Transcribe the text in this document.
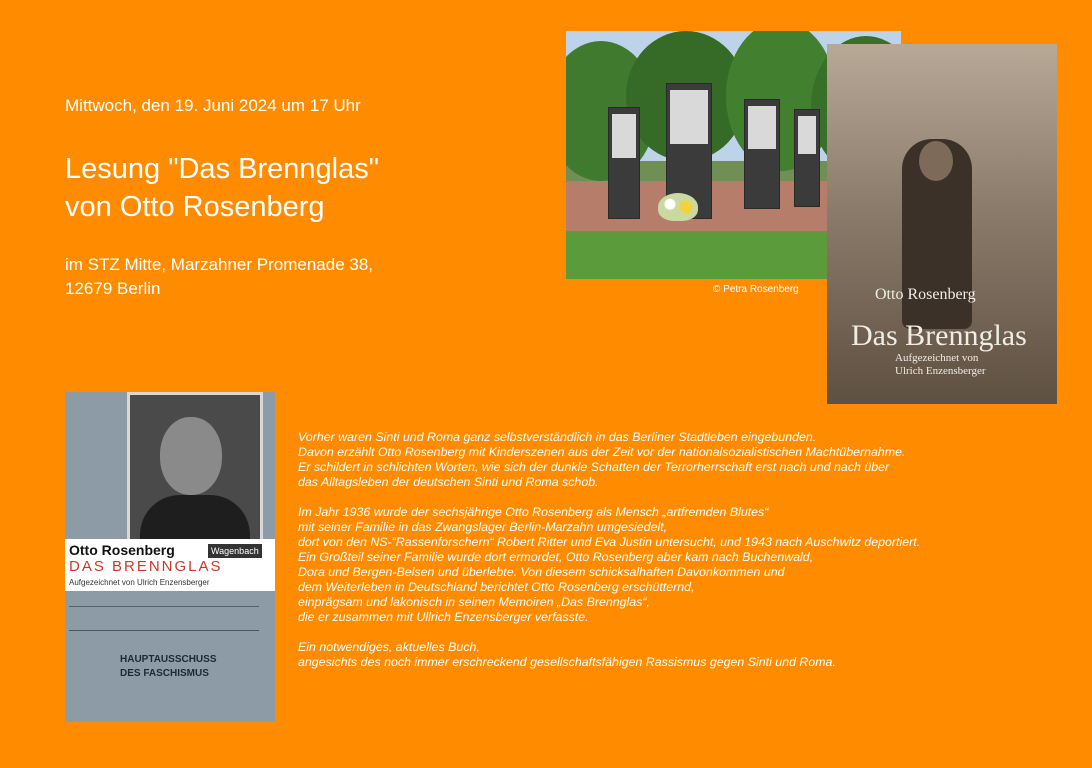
Mittwoch, den 19. Juni 2024 um 17 Uhr
Lesung "Das Brennglas"
von Otto Rosenberg
im STZ Mitte, Marzahner Promenade 38,
12679 Berlin	© Petra Rosenberg	Otto Rosenberg
Das Brennglas
Aufgezeichnet von
Ulrich Enzensberger
Otto Rosenberg	Wagenbach
DAS BRENNGLAS
Aufgezeichnet von Ulrich Enzensberger
HAUPTAUSSCHUSS
DES FASCHISMUS

Vorher waren Sinti und Roma ganz selbstverständlich in das Berliner Stadtleben eingebunden.
Davon erzählt Otto Rosenberg mit Kinderszenen aus der Zeit vor der nationalsozialistischen Machtübernahme.
Er schildert in schlichten Worten, wie sich der dunkle Schatten der Terrorherrschaft erst nach und nach über
das Alltagsleben der deutschen Sinti und Roma schob.

Im Jahr 1936 wurde der sechsjährige Otto Rosenberg als Mensch „artfremden Blutes“
mit seiner Familie in das Zwangslager Berlin-Marzahn umgesiedelt,
dort von den NS-“Rassenforschern“ Robert Ritter und Eva Justin untersucht, und 1943 nach Auschwitz deportiert.
Ein Großteil seiner Familie wurde dort ermordet, Otto Rosenberg aber kam nach Buchenwald,
Dora und Bergen-Belsen und überlebte. Von diesem schicksalhaften Davonkommen und
dem Weiterleben in Deutschland berichtet Otto Rosenberg erschütternd,
einprägsam und lakonisch in seinen Memoiren „Das Brennglas“,
die er zusammen mit Ullrich Enzensberger verfasste.

Ein notwendiges, aktuelles Buch,
angesichts des noch immer erschreckend gesellschaftsfähigen Rassismus gegen Sinti und Roma.
